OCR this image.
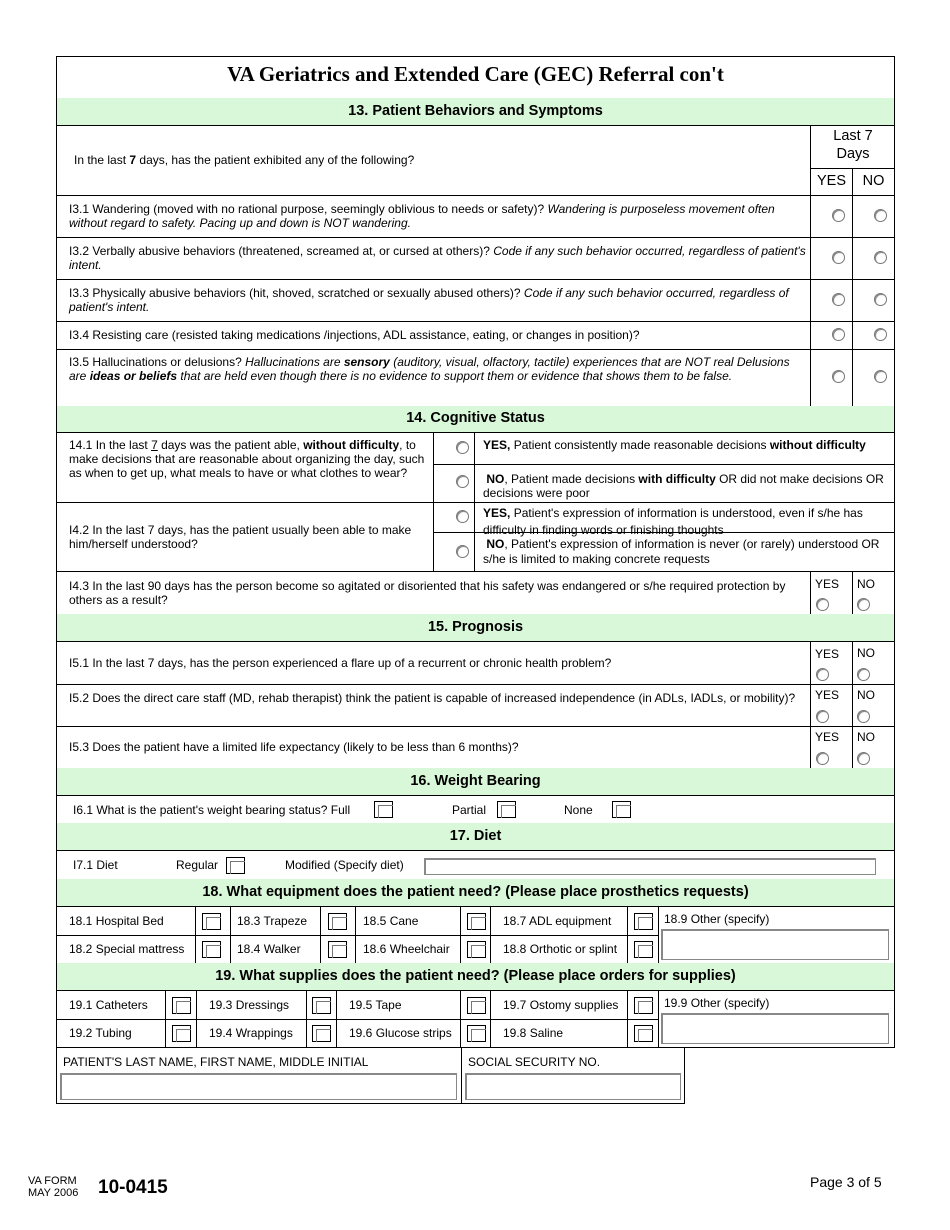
VA Geriatrics and Extended Care (GEC) Referral con't
13. Patient Behaviors and Symptoms
In the last 7 days, has the patient exhibited any of the following?
Last 7 Days
YES	NO
I3.1 Wandering (moved with no rational purpose, seemingly oblivious to needs or safety)? Wandering is purposeless movement often without regard to safety. Pacing up and down is NOT wandering.
I3.2 Verbally abusive behaviors (threatened, screamed at, or cursed at others)? Code if any such behavior occurred, regardless of patient's intent.
I3.3 Physically abusive behaviors (hit, shoved, scratched or sexually abused others)? Code if any such behavior occurred, regardless of patient's intent.
I3.4 Resisting care (resisted taking medications /injections, ADL assistance, eating, or changes in position)?
I3.5 Hallucinations or delusions? Hallucinations are sensory (auditory, visual, olfactory, tactile) experiences that are NOT real Delusions are ideas or beliefs that are held even though there is no evidence to support them or evidence that shows them to be false.
14. Cognitive Status
14.1 In the last 7 days was the patient able, without difficulty, to make decisions that are reasonable about organizing the day, such as when to get up, what meals to have or what clothes to wear?
YES, Patient consistently made reasonable decisions without difficulty
NO, Patient made decisions with difficulty OR did not make decisions OR decisions were poor
I4.2 In the last 7 days, has the patient usually been able to make him/herself understood?
YES, Patient's expression of information is understood, even if s/he has difficulty in finding words or finishing thoughts
NO, Patient's expression of information is never (or rarely) understood OR s/he is limited to making concrete requests
I4.3 In the last 90 days has the person become so agitated or disoriented that his safety was endangered or s/he required protection by others as a result?
YES NO
15. Prognosis
I5.1 In the last 7 days, has the person experienced a flare up of a recurrent or chronic health problem?
YES NO
I5.2 Does the direct care staff (MD, rehab therapist) think the patient is capable of increased independence (in ADLs, IADLs, or mobility)?	YES NO
I5.3 Does the patient have a limited life expectancy (likely to be less than 6 months)?
YES NO
16. Weight Bearing
I6.1 What is the patient's weight bearing status? Full	Partial	None
17. Diet
I7.1 Diet	Regular	Modified (Specify diet)
18. What equipment does the patient need? (Please place prosthetics requests)
18.1 Hospital Bed
18.2 Special mattress
18.3 Trapeze
18.4 Walker
18.5 Cane
18.6 Wheelchair
18.7 ADL equipment
18.8 Orthotic or splint
18.9 Other (specify)
19. What supplies does the patient need? (Please place orders for supplies)
19.1 Catheters
19.2 Tubing
19.3 Dressings
19.4 Wrappings
19.5 Tape
19.6 Glucose strips
19.7 Ostomy supplies
19.8 Saline
19.9 Other (specify)
PATIENT'S LAST NAME, FIRST NAME, MIDDLE INITIAL	SOCIAL SECURITY NO.
VA FORM
MAY 2006 10-0415	Page 3 of 5
